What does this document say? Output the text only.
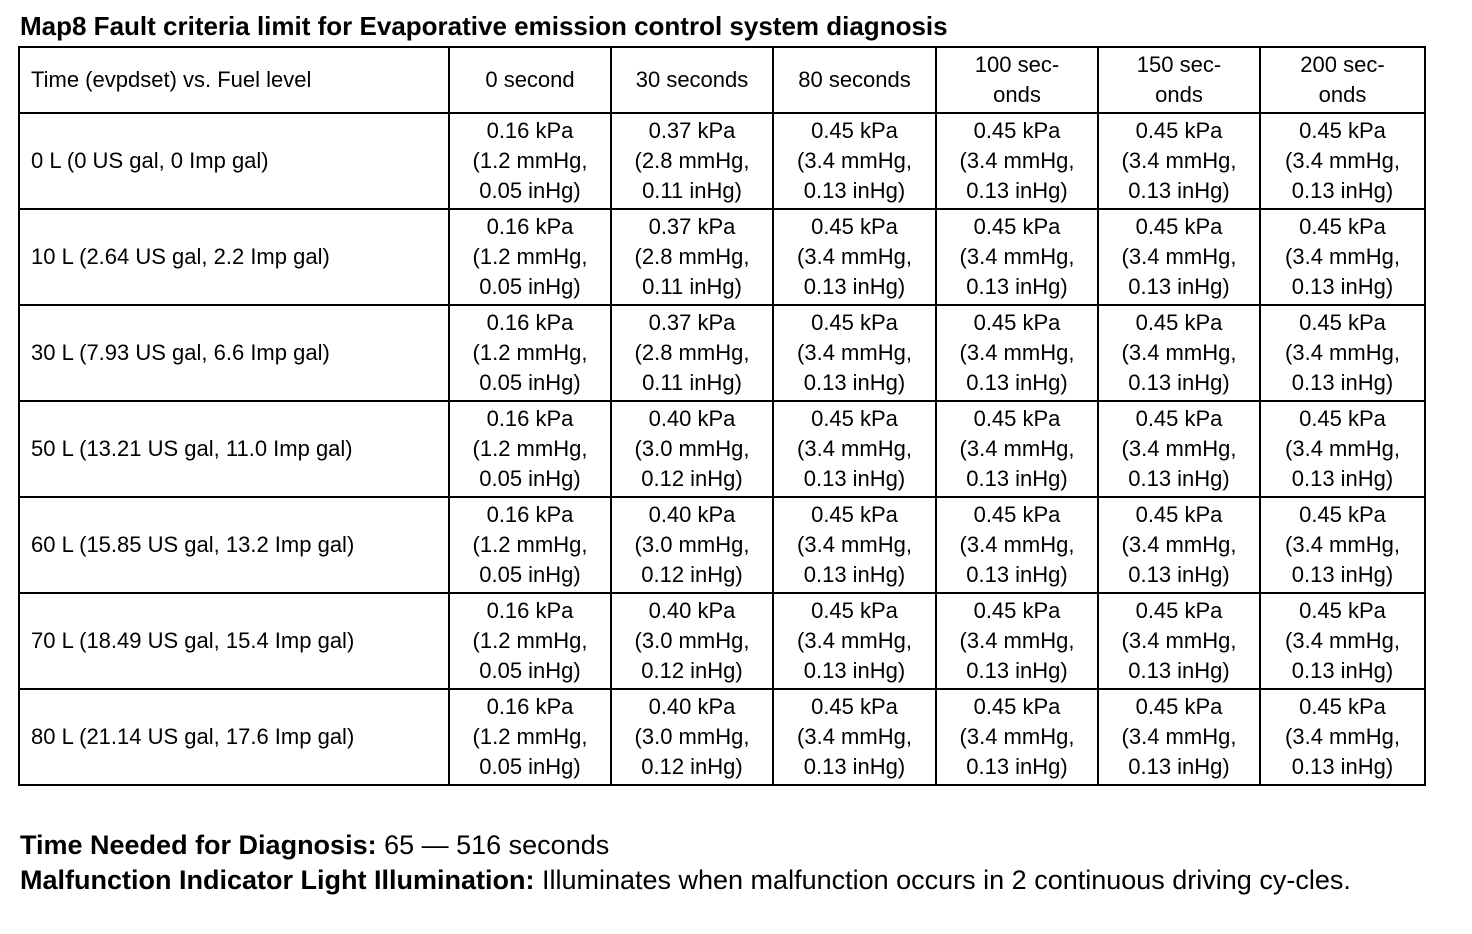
Map8 Fault criteria limit for Evaporative emission control system diagnosis
Time (evpdset) vs. Fuel level	0 second	30 seconds	80 seconds	100 sec-
onds	150 sec-
onds	200 sec-
onds

0 L (0 US gal, 0 Imp gal)	0.16 kPa
(1.2 mmHg,
0.05 inHg)	0.37 kPa
(2.8 mmHg,
0.11 inHg)	0.45 kPa
(3.4 mmHg,
0.13 inHg)	0.45 kPa
(3.4 mmHg,
0.13 inHg)	0.45 kPa
(3.4 mmHg,
0.13 inHg)	0.45 kPa
(3.4 mmHg,
0.13 inHg)

10 L (2.64 US gal, 2.2 Imp gal)	0.16 kPa
(1.2 mmHg,
0.05 inHg)	0.37 kPa
(2.8 mmHg,
0.11 inHg)	0.45 kPa
(3.4 mmHg,
0.13 inHg)	0.45 kPa
(3.4 mmHg,
0.13 inHg)	0.45 kPa
(3.4 mmHg,
0.13 inHg)	0.45 kPa
(3.4 mmHg,
0.13 inHg)

30 L (7.93 US gal, 6.6 Imp gal)	0.16 kPa
(1.2 mmHg,
0.05 inHg)	0.37 kPa
(2.8 mmHg,
0.11 inHg)	0.45 kPa
(3.4 mmHg,
0.13 inHg)	0.45 kPa
(3.4 mmHg,
0.13 inHg)	0.45 kPa
(3.4 mmHg,
0.13 inHg)	0.45 kPa
(3.4 mmHg,
0.13 inHg)

50 L (13.21 US gal, 11.0 Imp gal)	0.16 kPa
(1.2 mmHg,
0.05 inHg)	0.40 kPa
(3.0 mmHg,
0.12 inHg)	0.45 kPa
(3.4 mmHg,
0.13 inHg)	0.45 kPa
(3.4 mmHg,
0.13 inHg)	0.45 kPa
(3.4 mmHg,
0.13 inHg)	0.45 kPa
(3.4 mmHg,
0.13 inHg)

60 L (15.85 US gal, 13.2 Imp gal)	0.16 kPa
(1.2 mmHg,
0.05 inHg)	0.40 kPa
(3.0 mmHg,
0.12 inHg)	0.45 kPa
(3.4 mmHg,
0.13 inHg)	0.45 kPa
(3.4 mmHg,
0.13 inHg)	0.45 kPa
(3.4 mmHg,
0.13 inHg)	0.45 kPa
(3.4 mmHg,
0.13 inHg)

70 L (18.49 US gal, 15.4 Imp gal)	0.16 kPa
(1.2 mmHg,
0.05 inHg)	0.40 kPa
(3.0 mmHg,
0.12 inHg)	0.45 kPa
(3.4 mmHg,
0.13 inHg)	0.45 kPa
(3.4 mmHg,
0.13 inHg)	0.45 kPa
(3.4 mmHg,
0.13 inHg)	0.45 kPa
(3.4 mmHg,
0.13 inHg)

80 L (21.14 US gal, 17.6 Imp gal)	0.16 kPa
(1.2 mmHg,
0.05 inHg)	0.40 kPa
(3.0 mmHg,
0.12 inHg)	0.45 kPa
(3.4 mmHg,
0.13 inHg)	0.45 kPa
(3.4 mmHg,
0.13 inHg)	0.45 kPa
(3.4 mmHg,
0.13 inHg)	0.45 kPa
(3.4 mmHg,
0.13 inHg)
Time Needed for Diagnosis: 65 — 516 seconds
Malfunction Indicator Light Illumination: Illuminates when malfunction occurs in 2 continuous driving cy-cles.
